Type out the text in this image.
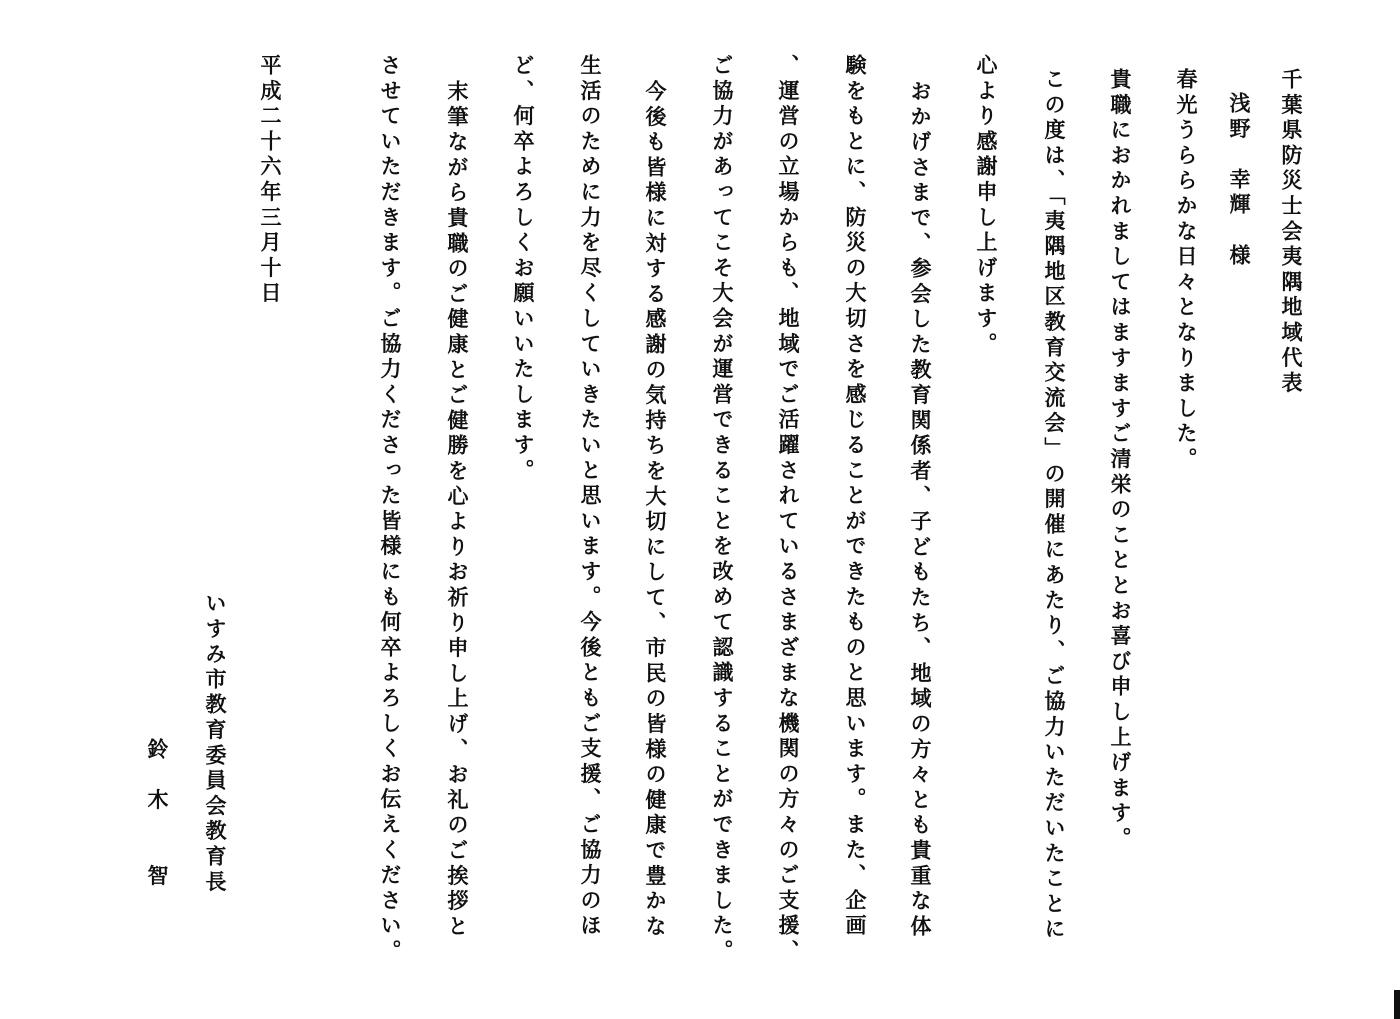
千葉県防災士会夷隅地域代表
浅野　幸輝　様
春光うららかな日々となりました。
貴職におかれましてはますますご清栄のこととお喜び申し上げます。
この度は、「夷隅地区教育交流会」の開催にあたり、ご協力いただいたことに
心より感謝申し上げます。
おかげさまで、参会した教育関係者、子どもたち、地域の方々とも貴重な体
験をもとに、防災の大切さを感じることができたものと思います。また、企画
、運営の立場からも、地域でご活躍されているさまざまな機関の方々のご支援、
ご協力があってこそ大会が運営できることを改めて認識することができました。
今後も皆様に対する感謝の気持ちを大切にして、市民の皆様の健康で豊かな
生活のために力を尽くしていきたいと思います。今後ともご支援、ご協力のほ
ど、何卒よろしくお願いいたします。
末筆ながら貴職のご健康とご健勝を心よりお祈り申し上げ、お礼のご挨拶と
させていただきます。ご協力くださった皆様にも何卒よろしくお伝えください。
平成二十六年三月十日
いすみ市教育委員会教育長
鈴　木　　智
